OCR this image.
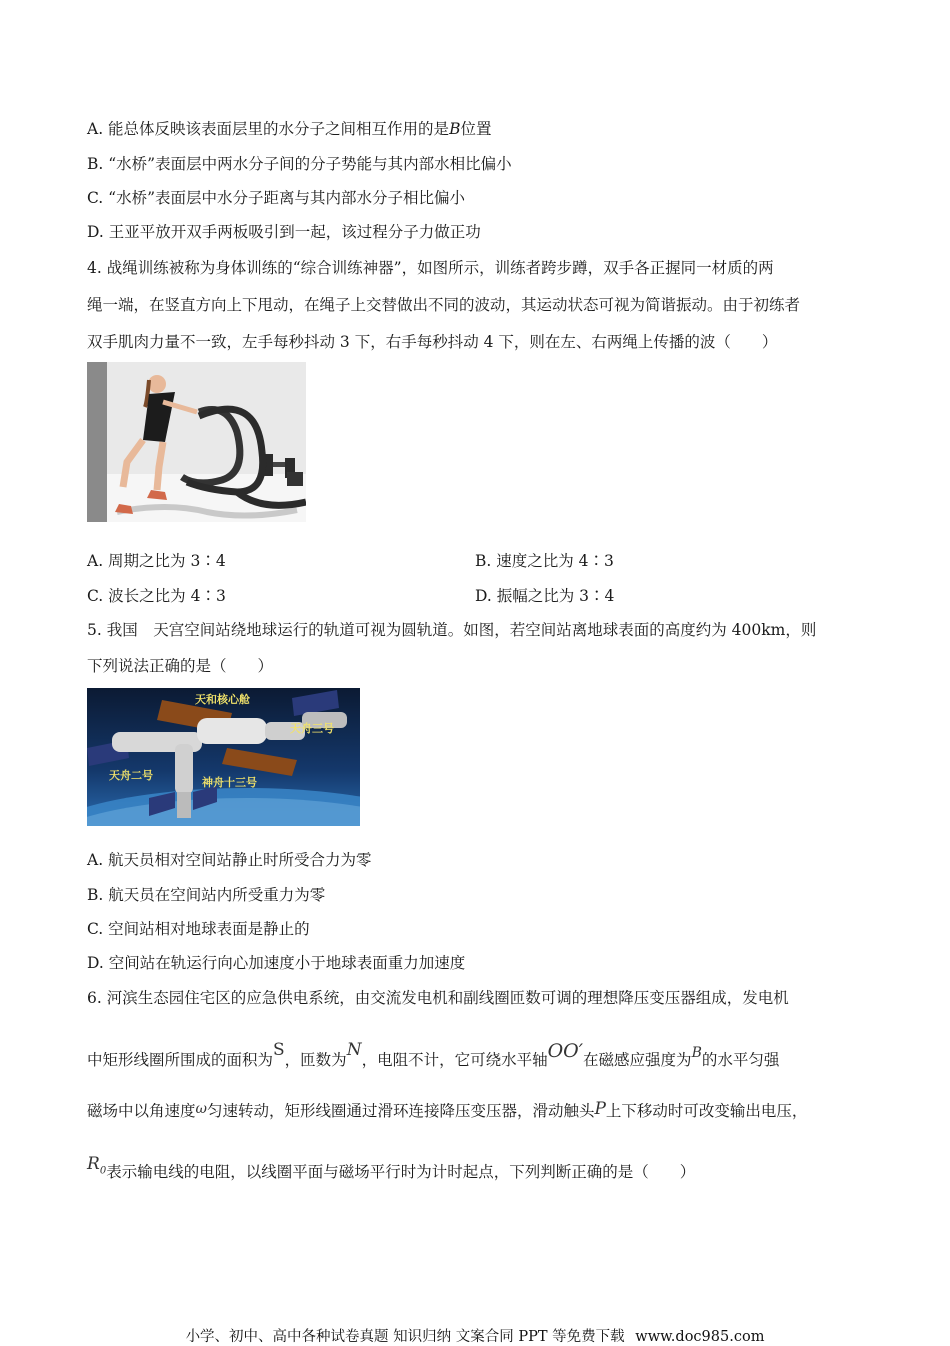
A. 能总体反映该表面层里的水分子之间相互作用的是B位置
B. “水桥”表面层中两水分子间的分子势能与其内部水相比偏小
C. “水桥”表面层中水分子距离与其内部水分子相比偏小
D. 王亚平放开双手两板吸引到一起，该过程分子力做正功
4. 战绳训练被称为身体训练的“综合训练神器”，如图所示，训练者跨步蹲，双手各正握同一材质的两
绳一端，在竖直方向上下甩动，在绳子上交替做出不同的波动，其运动状态可视为简谐振动。由于初练者
双手肌肉力量不一致，左手每秒抖动 3 下，右手每秒抖动 4 下，则在左、右两绳上传播的波（　　）
A. 周期之比为 3∶4	B. 速度之比为 4∶3
C. 波长之比为 4∶3	D. 振幅之比为 3∶4
5. 我国　天宫空间站绕地球运行的轨道可视为圆轨道。如图，若空间站离地球表面的高度约为 400km，则
下列说法正确的是（　　）
天和核心舱
天舟三号
天舟二号
神舟十三号
A. 航天员相对空间站静止时所受合力为零
B. 航天员在空间站内所受重力为零
C. 空间站相对地球表面是静止的
D. 空间站在轨运行向心加速度小于地球表面重力加速度
6. 河滨生态园住宅区的应急供电系统，由交流发电机和副线圈匝数可调的理想降压变压器组成，发电机
中矩形线圈所围成的面积为S，匝数为N，电阻不计，它可绕水平轴OO′在磁感应强度为B的水平匀强
磁场中以角速度ω匀速转动，矩形线圈通过滑环连接降压变压器，滑动触头P上下移动时可改变输出电压，
$R_0$表示输电线的电阻，以线圈平面与磁场平行时为计时起点，下列判断正确的是（　　）
小学、初中、高中各种试卷真题 知识归纳 文案合同 PPT 等免费下载 www.doc985.com
